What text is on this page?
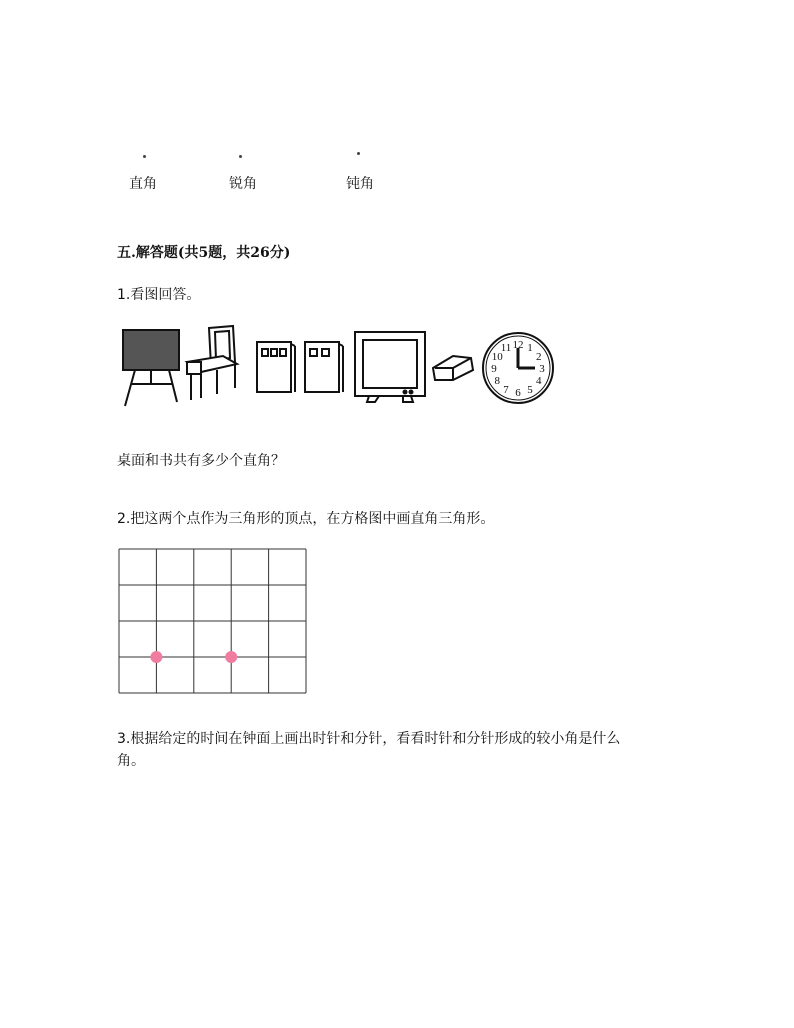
直角	锐角	钝角
五.解答题(共5题，共26分)
1.看图回答。
12 1
2
3
4
5
6
7
8
9
10
11
桌面和书共有多少个直角？
2.把这两个点作为三角形的顶点，在方格图中画直角三角形。
3.根据给定的时间在钟面上画出时针和分针，看看时针和分针形成的较小角是什么
角。
